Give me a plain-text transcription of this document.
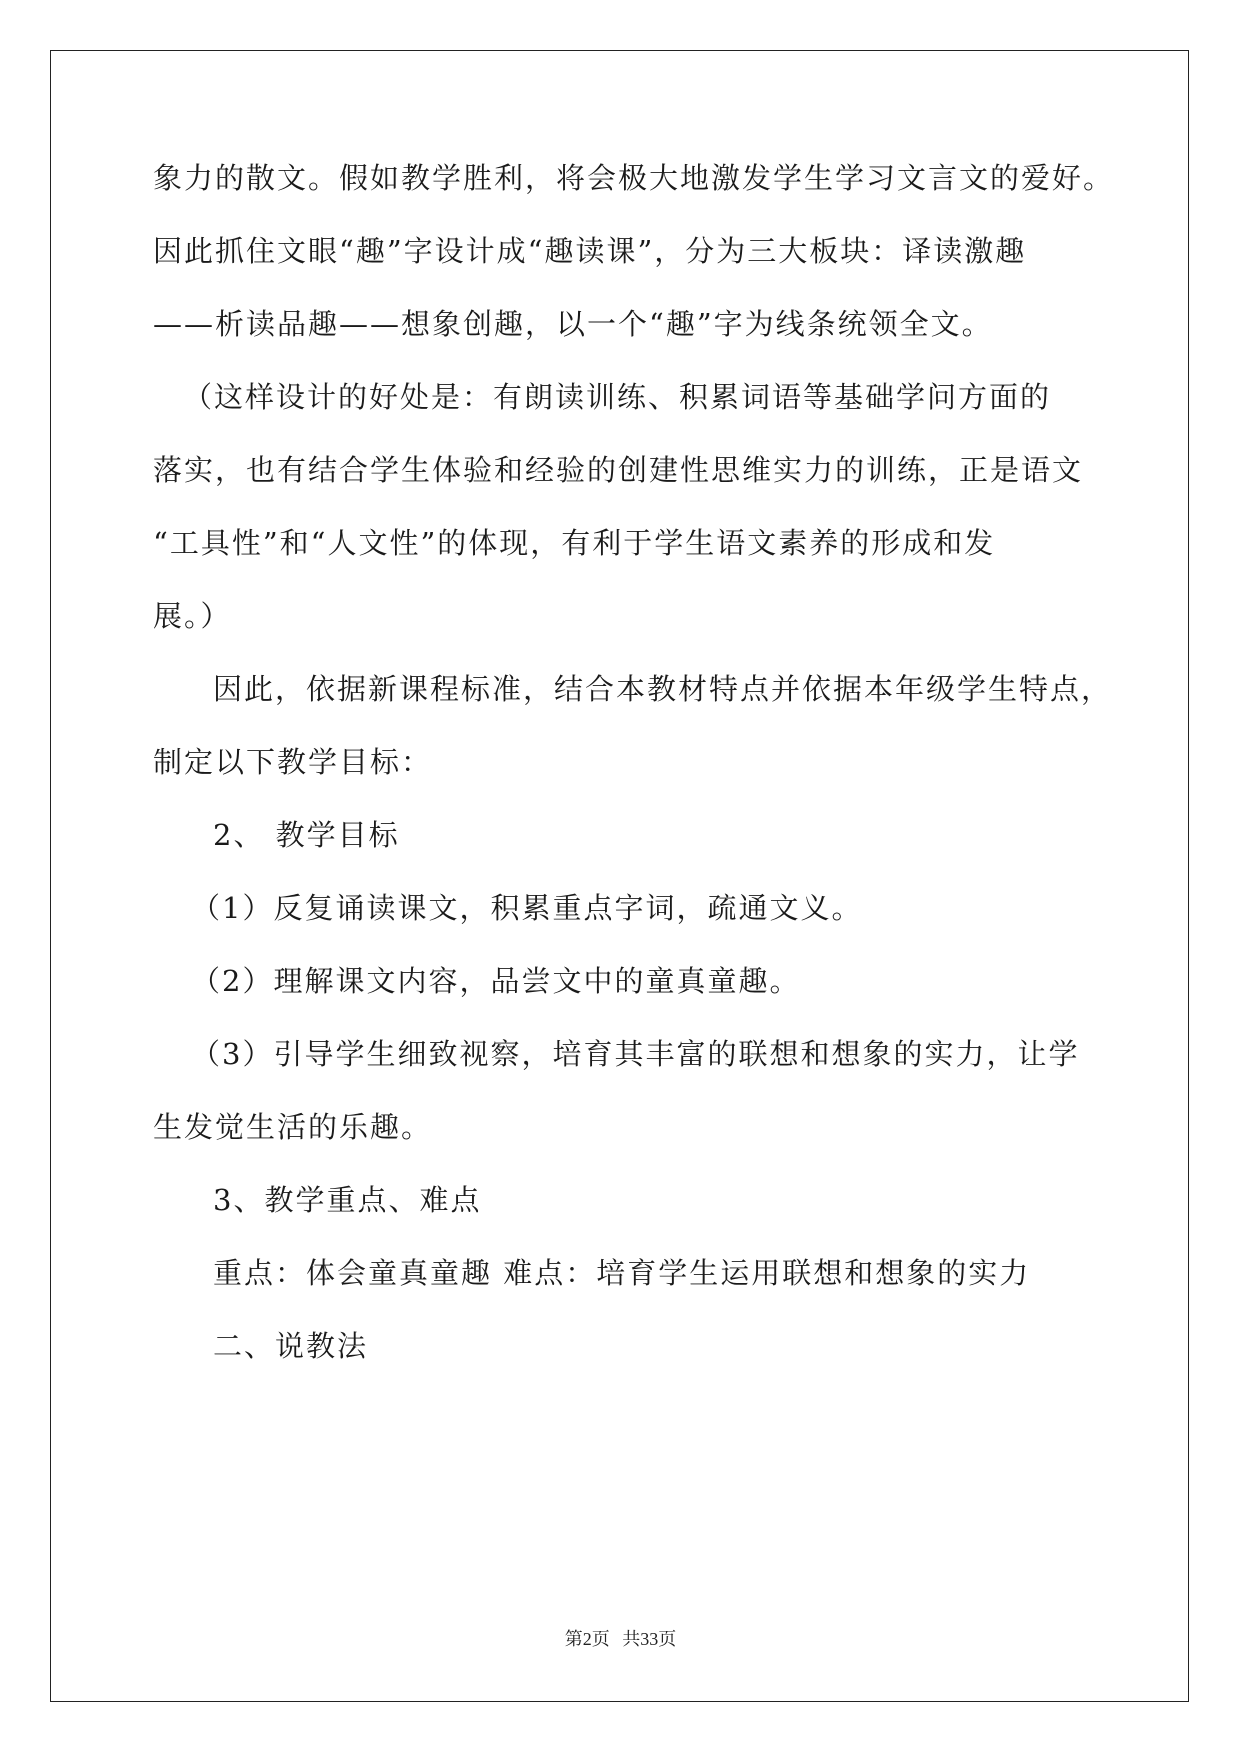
象力的散文。假如教学胜利，将会极大地激发学生学习文言文的爱好。
因此抓住文眼“趣”字设计成“趣读课”，分为三大板块：译读激趣
——析读品趣——想象创趣，以一个“趣”字为线条统领全文。
（这样设计的好处是：有朗读训练、积累词语等基础学问方面的
落实，也有结合学生体验和经验的创建性思维实力的训练，正是语文
“工具性”和“人文性”的体现，有利于学生语文素养的形成和发
展。）
因此，依据新课程标准，结合本教材特点并依据本年级学生特点，
制定以下教学目标：
2、 教学目标
（1）反复诵读课文，积累重点字词，疏通文义。
（2）理解课文内容，品尝文中的童真童趣。
（3）引导学生细致视察，培育其丰富的联想和想象的实力，让学
生发觉生活的乐趣。
3、教学重点、难点
重点：体会童真童趣 难点：培育学生运用联想和想象的实力
二、说教法
第2页 共33页
